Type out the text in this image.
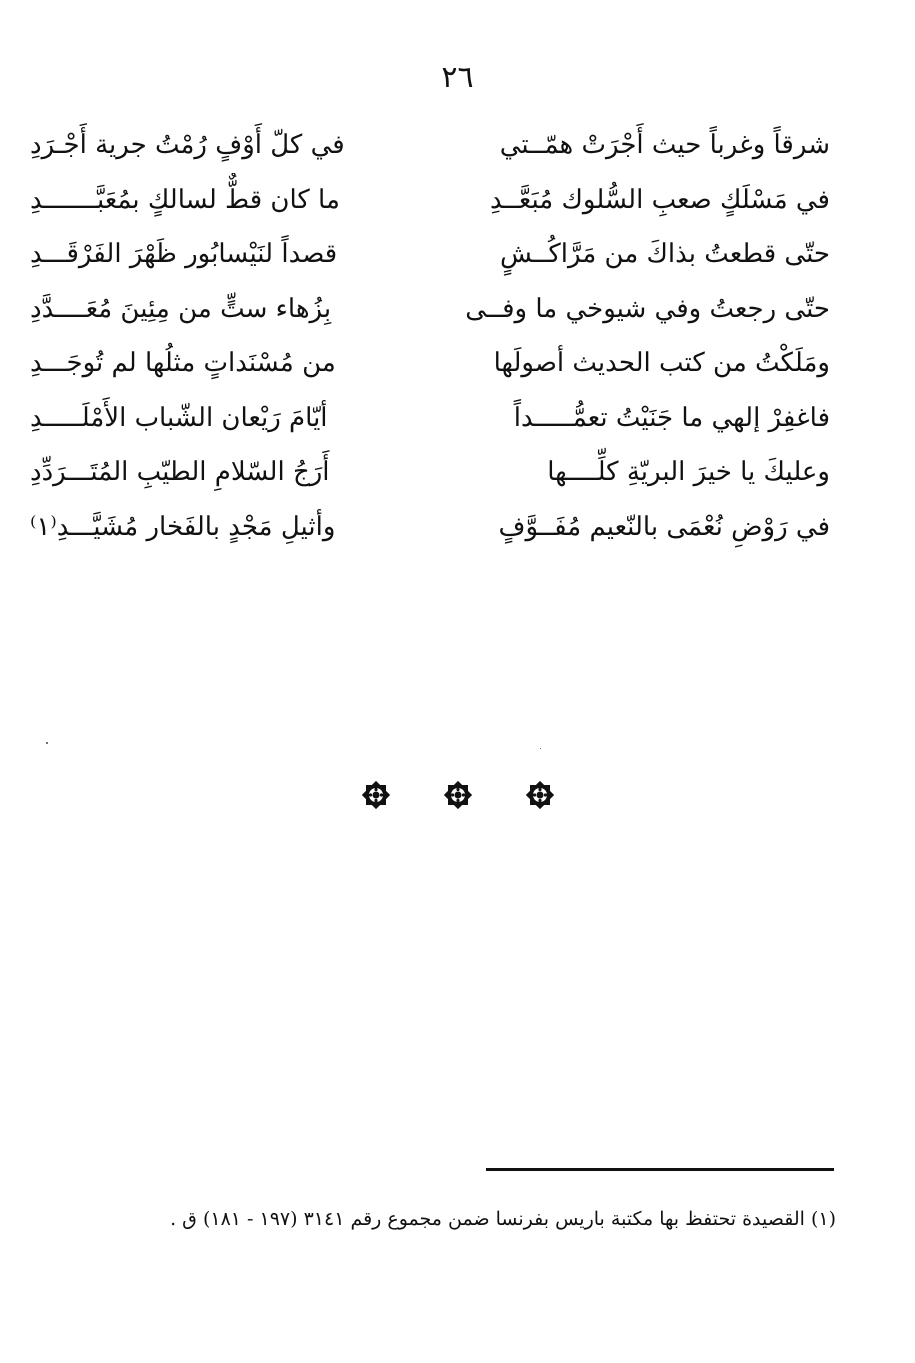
٢٦
شرقاً وغرباً حيث أَجْرَتْ همّــتي
في كلّ أَوْفٍ رُمْتُ جرية أَجْـرَدِ
في مَسْلَكٍ صعبِ السُّلوك مُبَعَّــدِ
ما كان قطٌّ لسالكٍ بمُعَبَّـــــــدِ
حتّى قطعتُ بذاكَ من مَرَّاكُــشٍ
قصداً لنَيْسابُور ظَهْرَ الفَرْقَـــدِ
حتّى رجعتُ وفي شيوخي ما وفــى
بِزُهاء ستٍّ من مِئِينَ مُعَــــدَّدِ
ومَلَكْتُ من كتب الحديث أصولَها
من مُسْنَداتٍ مثلُها لم تُوجَـــدِ
فاغفِرْ إلهي ما جَنَيْتُ تعمُّـــــداً
أيّامَ رَيْعان الشّباب الأَمْلَـــــدِ
وعليكَ يا خيرَ البريّةِ كلِّــــها
أَرَجُ السّلامِ الطيّبِ المُتَـــرَدِّدِ
في رَوْضِ نُعْمَى بالنّعيم مُفَــوَّفٍ
وأثيلِ مَجْدٍ بالفَخار مُشَيَّـــدِ⁽١⁾
(١) القصيدة تحتفظ بها مكتبة باريس بفرنسا ضمن مجموع رقم ٣١٤١ (١٩٧ - ١٨١) ق .
